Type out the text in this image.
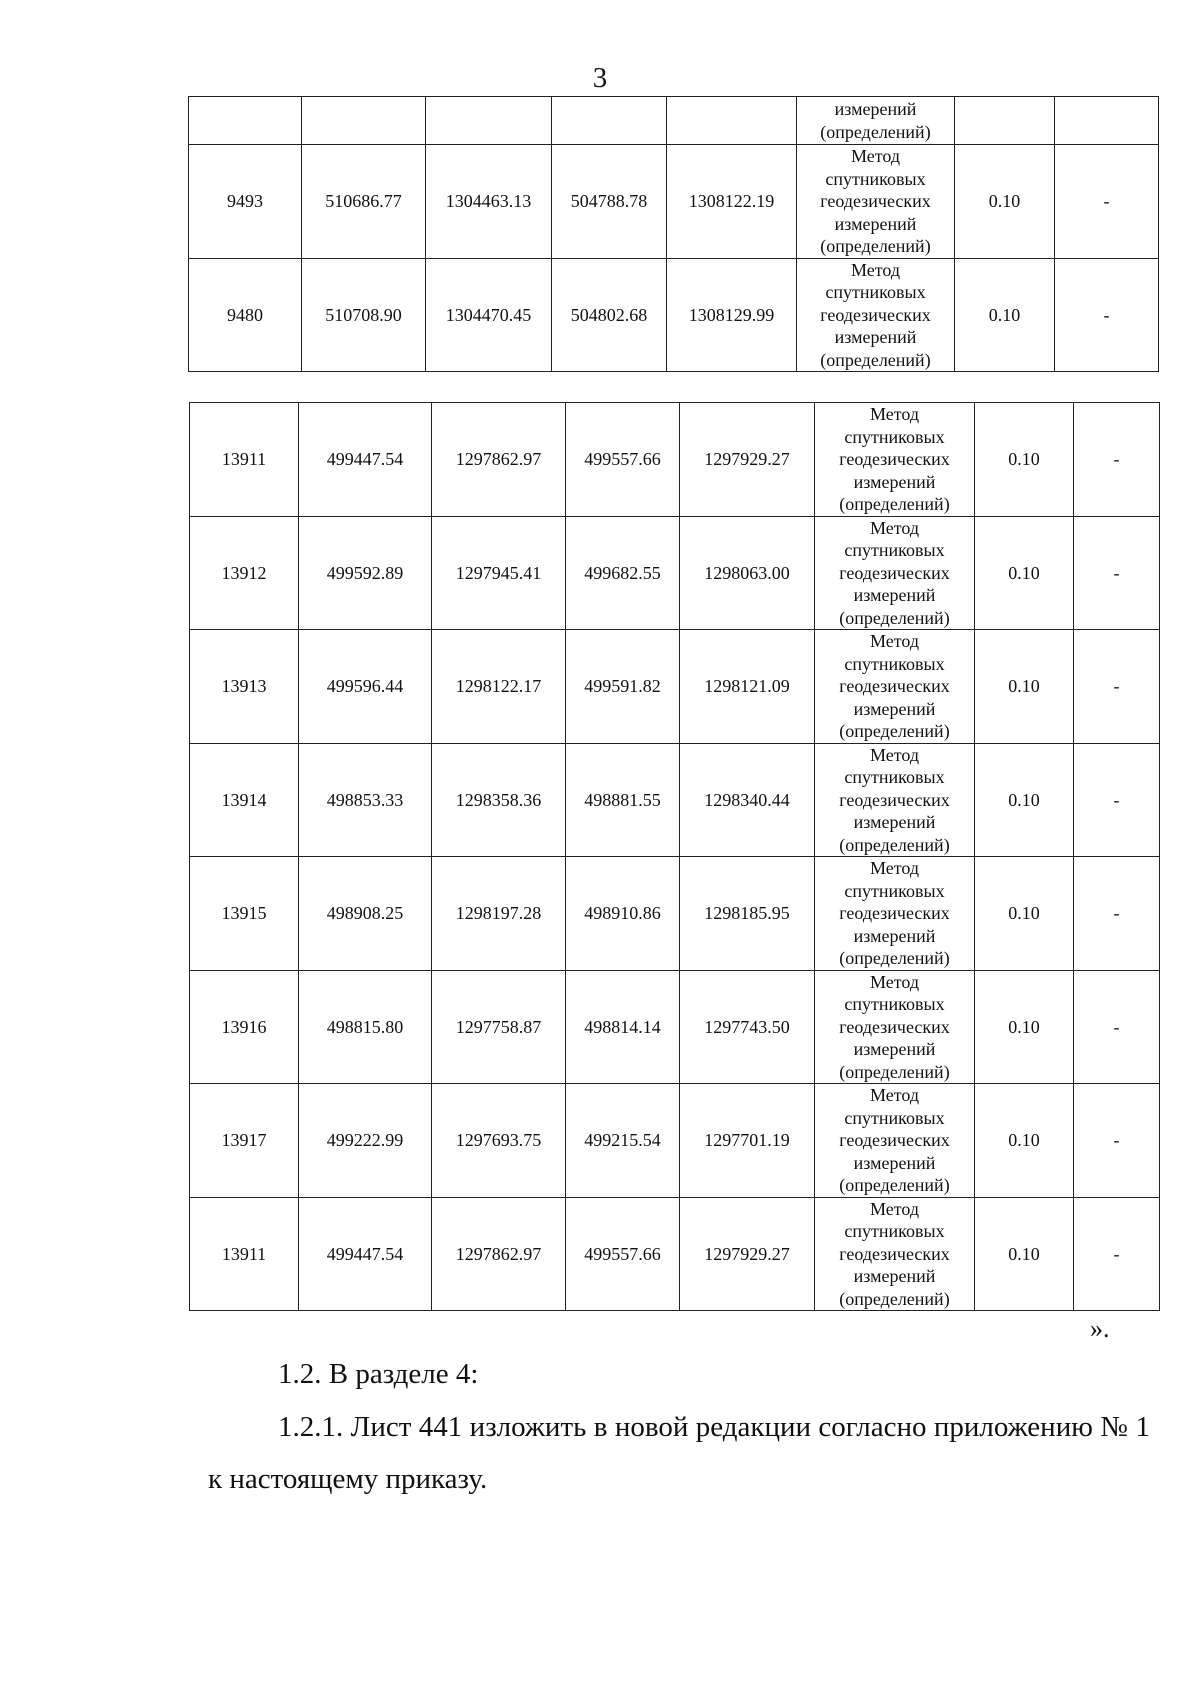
3

					измерений
(определений)		

9493	510686.77	1304463.13	504788.78	1308122.19	Метод
спутниковых
геодезических
измерений
(определений)	0.10	-
9480	510708.90	1304470.45	504802.68	1308129.99	Метод
спутниковых
геодезических
измерений
(определений)	0.10	-
13911	499447.54	1297862.97	499557.66	1297929.27	Метод
спутниковых
геодезических
измерений
(определений)	0.10	-
13912	499592.89	1297945.41	499682.55	1298063.00	Метод
спутниковых
геодезических
измерений
(определений)	0.10	-
13913	499596.44	1298122.17	499591.82	1298121.09	Метод
спутниковых
геодезических
измерений
(определений)	0.10	-
13914	498853.33	1298358.36	498881.55	1298340.44	Метод
спутниковых
геодезических
измерений
(определений)	0.10	-
13915	498908.25	1298197.28	498910.86	1298185.95	Метод
спутниковых
геодезических
измерений
(определений)	0.10	-
13916	498815.80	1297758.87	498814.14	1297743.50	Метод
спутниковых
геодезических
измерений
(определений)	0.10	-
13917	499222.99	1297693.75	499215.54	1297701.19	Метод
спутниковых
геодезических
измерений
(определений)	0.10	-
13911	499447.54	1297862.97	499557.66	1297929.27	Метод
спутниковых
геодезических
измерений
(определений)	0.10	-
».
1.2. В разделе 4:
1.2.1. Лист 441 изложить в новой редакции согласно приложению № 1
к настоящему приказу.
